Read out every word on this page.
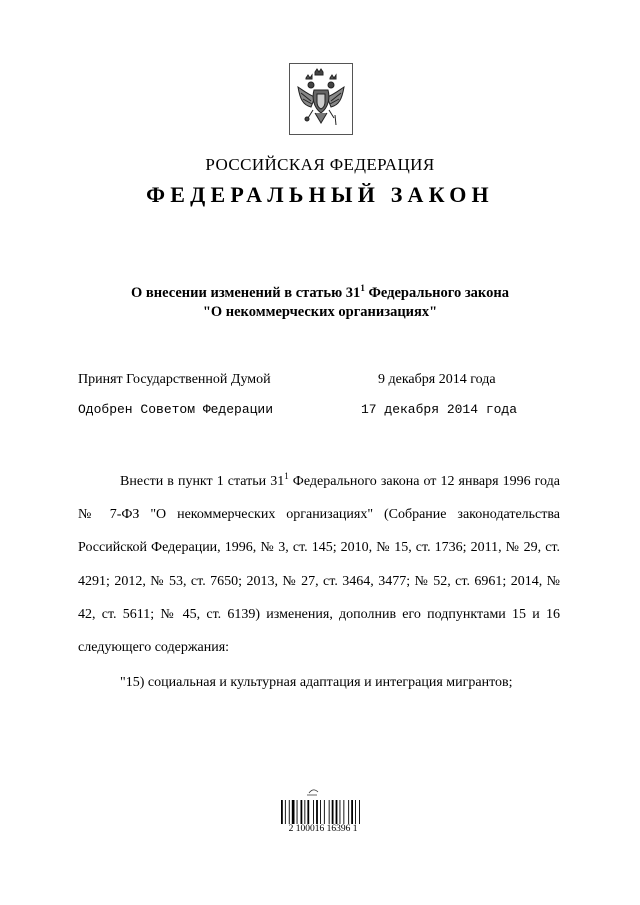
РОССИЙСКАЯ ФЕДЕРАЦИЯ
ФЕДЕРАЛЬНЫЙ ЗАКОН
О внесении изменений в статью $31^1$ Федерального закона
"О некоммерческих организациях"
Принят Государственной Думой	9 декабря 2014 года
Одобрен Советом Федерации	17 декабря 2014 года

Внести в пункт 1 статьи $31^1$ Федерального закона от 12 января 1996 года № 7-ФЗ "О некоммерческих организациях" (Собрание законодательства Российской Федерации, 1996, № 3, ст. 145; 2010, № 15, ст. 1736; 2011, № 29, ст. 4291; 2012, № 53, ст. 7650; 2013, № 27, ст. 3464, 3477; № 52, ст. 6961; 2014, № 42, ст. 5611; № 45, ст. 6139) изменения, дополнив его подпунктами 15 и 16 следующего содержания:

"15) социальная и культурная адаптация и интеграция мигрантов;
2 100016 16396 1
